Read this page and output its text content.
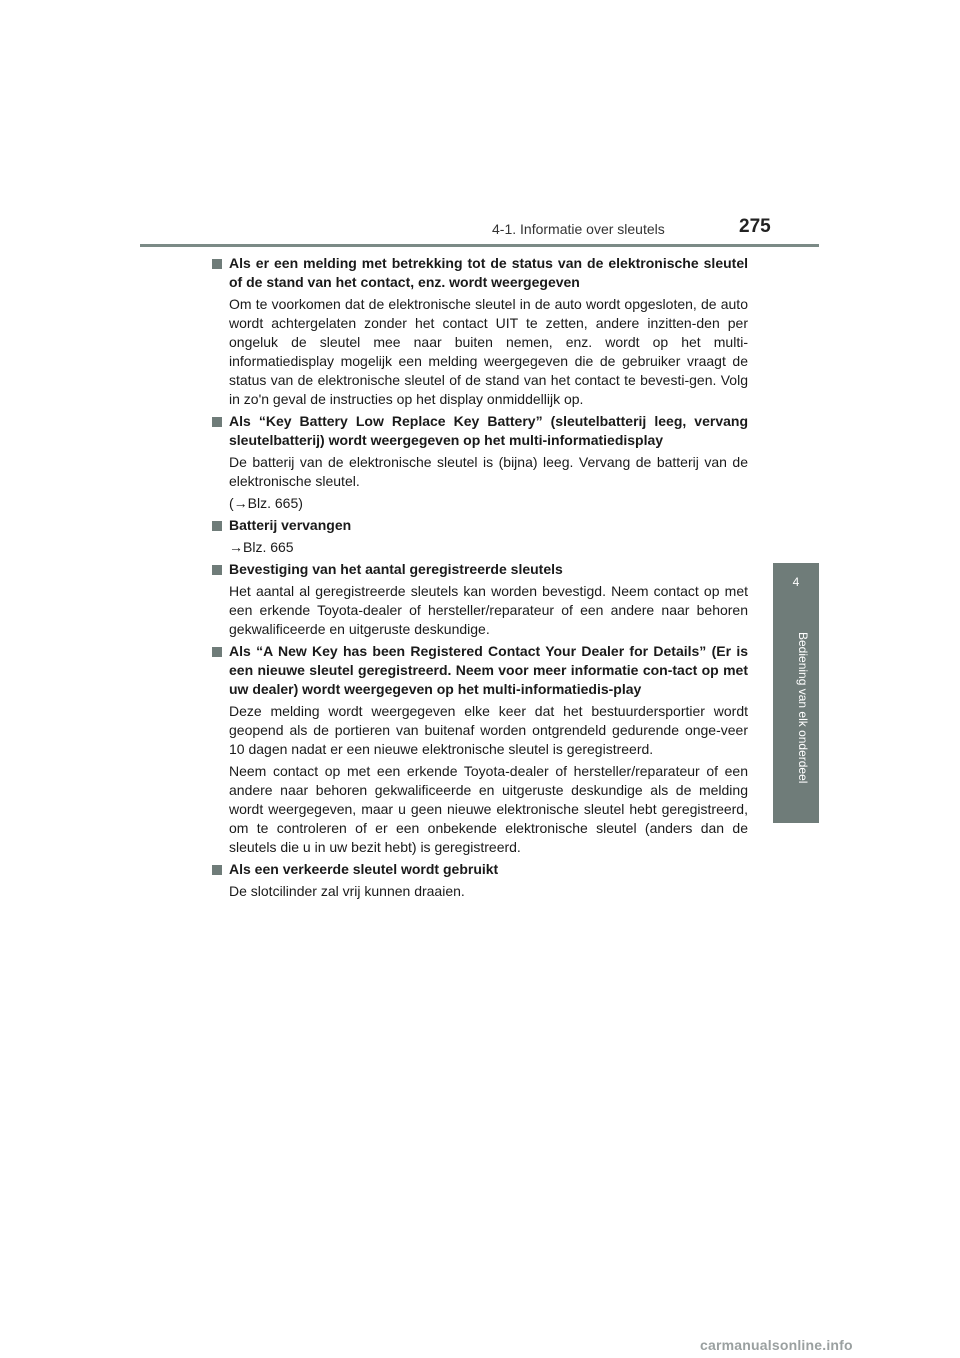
4-1. Informatie over sleutels	275
4
Bediening van elk onderdeel
Als er een melding met betrekking tot de status van de elektronische sleutel of de stand van het contact, enz. wordt weergegeven

Om te voorkomen dat de elektronische sleutel in de auto wordt opgesloten, de auto wordt achtergelaten zonder het contact UIT te zetten, andere inzitten-den per ongeluk de sleutel mee naar buiten nemen, enz. wordt op het multi-informatiedisplay mogelijk een melding weergegeven die de gebruiker vraagt de status van de elektronische sleutel of de stand van het contact te bevesti-gen. Volg in zo'n geval de instructies op het display onmiddellijk op.

Als “Key Battery Low Replace Key Battery” (sleutelbatterij leeg, vervang sleutelbatterij) wordt weergegeven op het multi-informatiedisplay

De batterij van de elektronische sleutel is (bijna) leeg. Vervang de batterij van de elektronische sleutel.

(→Blz. 665)

Batterij vervangen

→Blz. 665

Bevestiging van het aantal geregistreerde sleutels

Het aantal al geregistreerde sleutels kan worden bevestigd. Neem contact op met een erkende Toyota-dealer of hersteller/reparateur of een andere naar behoren gekwalificeerde en uitgeruste deskundige.

Als “A New Key has been Registered Contact Your Dealer for Details” (Er is een nieuwe sleutel geregistreerd. Neem voor meer informatie con-tact op met uw dealer) wordt weergegeven op het multi-informatiedis-play

Deze melding wordt weergegeven elke keer dat het bestuurdersportier wordt geopend als de portieren van buitenaf worden ontgrendeld gedurende onge-veer 10 dagen nadat er een nieuwe elektronische sleutel is geregistreerd.

Neem contact op met een erkende Toyota-dealer of hersteller/reparateur of een andere naar behoren gekwalificeerde en uitgeruste deskundige als de melding wordt weergegeven, maar u geen nieuwe elektronische sleutel hebt geregistreerd, om te controleren of er een onbekende elektronische sleutel (anders dan de sleutels die u in uw bezit hebt) is geregistreerd.

Als een verkeerde sleutel wordt gebruikt

De slotcilinder zal vrij kunnen draaien.

carmanualsonline.info
